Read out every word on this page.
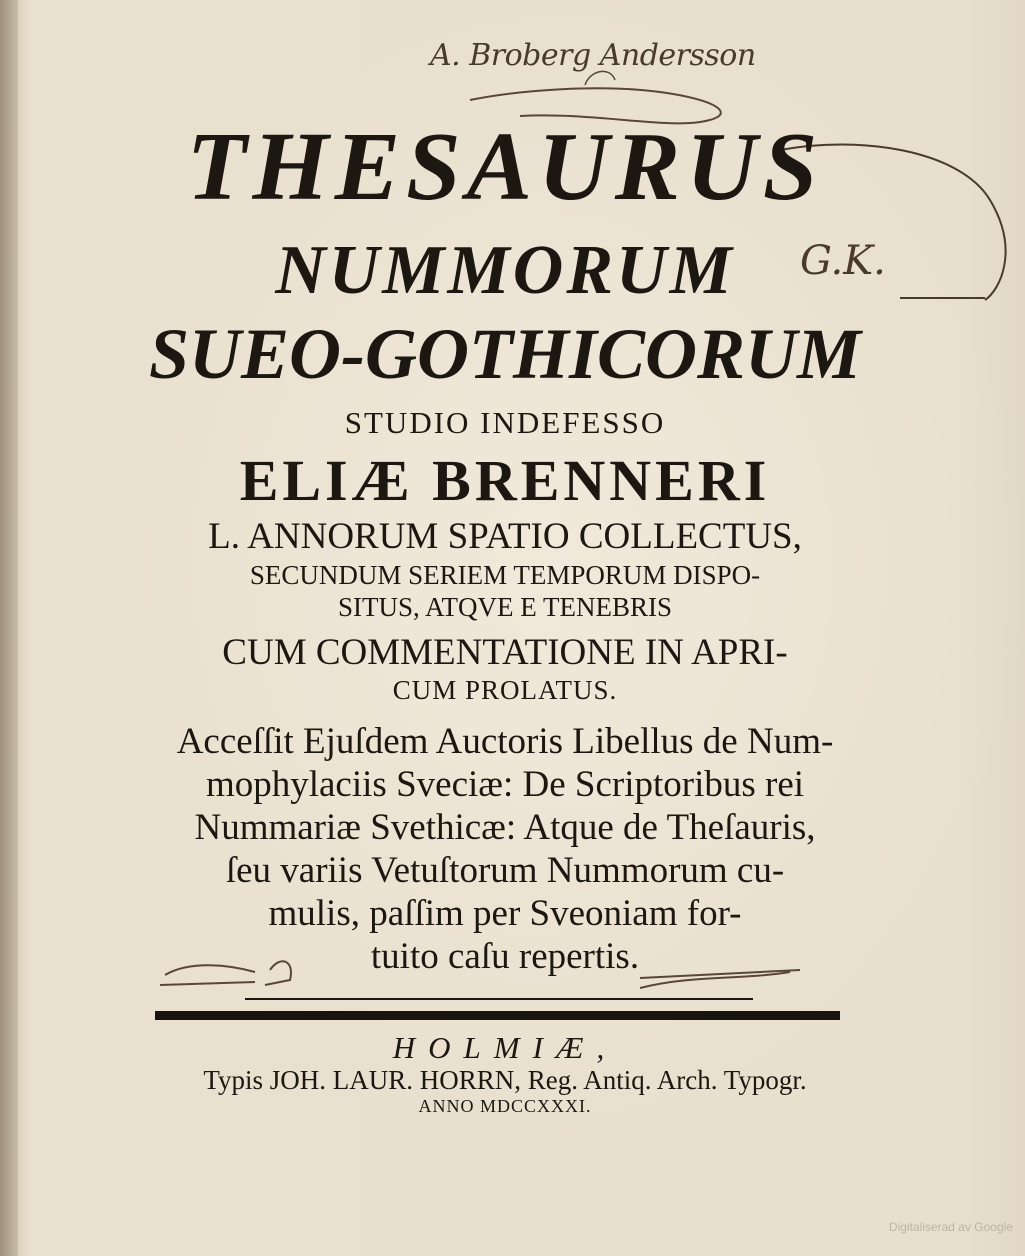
A. Broberg Andersson
G.K.

THESAURUS

NUMMORUM

SUEO-GOTHICORUM

STUDIO INDEFESSO

ELIÆ BRENNERI

L. ANNORUM SPATIO COLLECTUS,

SECUNDUM SERIEM TEMPORUM DISPO-

SITUS, ATQVE E TENEBRIS

CUM COMMENTATIONE IN APRI-

CUM PROLATUS.

Acceſſit Ejuſdem Auctoris Libellus de Num-
mophylaciis Sveciæ: De Scriptoribus rei
Nummariæ Svethicæ: Atque de Theſauris,
ſeu variis Vetuſtorum Nummorum cu-
mulis, paſſim per Sveoniam for-
tuito caſu repertis.

HOLMIÆ,

Typis JOH. LAUR. HORRN, Reg. Antiq. Arch. Typogr.

ANNO MDCCXXXI.

Digitaliserad av Google
